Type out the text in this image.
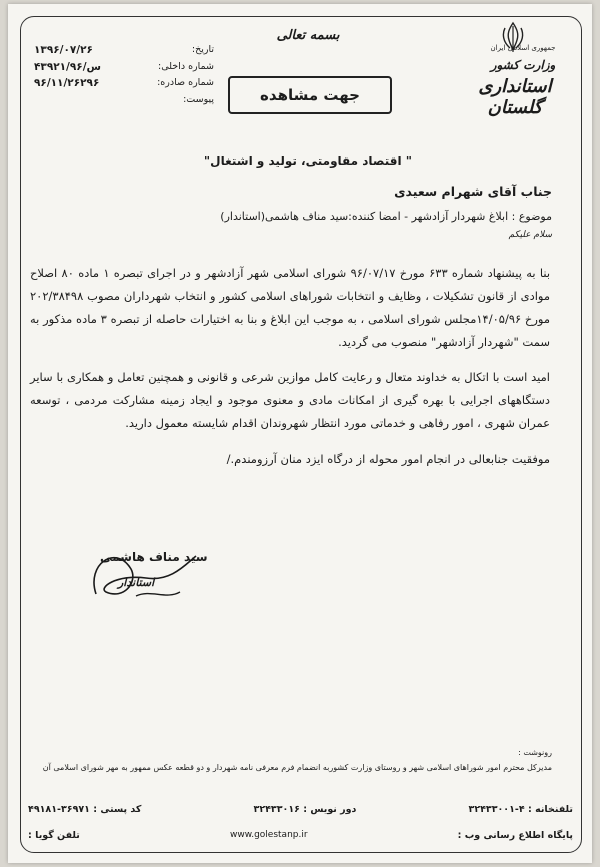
جمهوری اسلامی ایران
وزارت کشور
استانداری گلستان
بسمه تعالی
جهت مشاهده
تاریخ:
۱۳۹۶/۰۷/۲۶
شماره داخلی:
۴۳۹۲۱/س/۹۶
شماره صادره:
۹۶/۱۱/۲۶۲۹۶
پیوست:
" اقتصاد مقاومتی، تولید و اشتغال"
جناب آقای شهرام سعیدی
موضوع : ابلاغ شهردار آزادشهر - امضا کننده:سید مناف هاشمی(استاندار)
سلام علیکم
بنا به پیشنهاد شماره ۶۳۳ مورخ ۹۶/۰۷/۱۷ شورای اسلامی شهر آزادشهر و در اجرای تبصره ۱ ماده ۸۰ اصلاح موادی از قانون تشکیلات ، وظایف و انتخابات شوراهای اسلامی کشور و انتخاب شهرداران مصوب ۲۰۲/۳۸۴۹۸ مورخ ۱۴/۰۵/۹۶مجلس شورای اسلامی ، به موجب این ابلاغ و بنا به اختیارات حاصله از تبصره ۳ ماده مذکور به سمت "شهردار آزادشهر" منصوب می گردید.
امید است با اتکال به خداوند متعال و رعایت کامل موازین شرعی و قانونی و همچنین تعامل و همکاری با سایر دستگاههای اجرایی با بهره گیری از امکانات مادی و معنوی موجود و ایجاد زمینه مشارکت مردمی ، توسعه عمران شهری ، امور رفاهی و خدماتی مورد انتظار شهروندان اقدام شایسته معمول دارید.
موفقیت جنابعالی در انجام امور محوله از درگاه ایزد منان آرزومندم./
سید مناف هاشمی
استاندار
رونوشت :
مدیرکل محترم امور شوراهای اسلامی شهر و روستای وزارت کشوربه انضمام فرم معرفی نامه شهردار و دو قطعه عکس ممهور به مهر شورای اسلامی آن
تلفنخانه : ۴-۳۲۴۳۳۰۰۱
دور نویس : ۳۲۴۳۳۰۱۶
کد پستی : ۳۶۹۷۱-۴۹۱۸۱
پایگاه اطلاع رسانی وب :
www.golestanp.ir
تلفن گویا :
